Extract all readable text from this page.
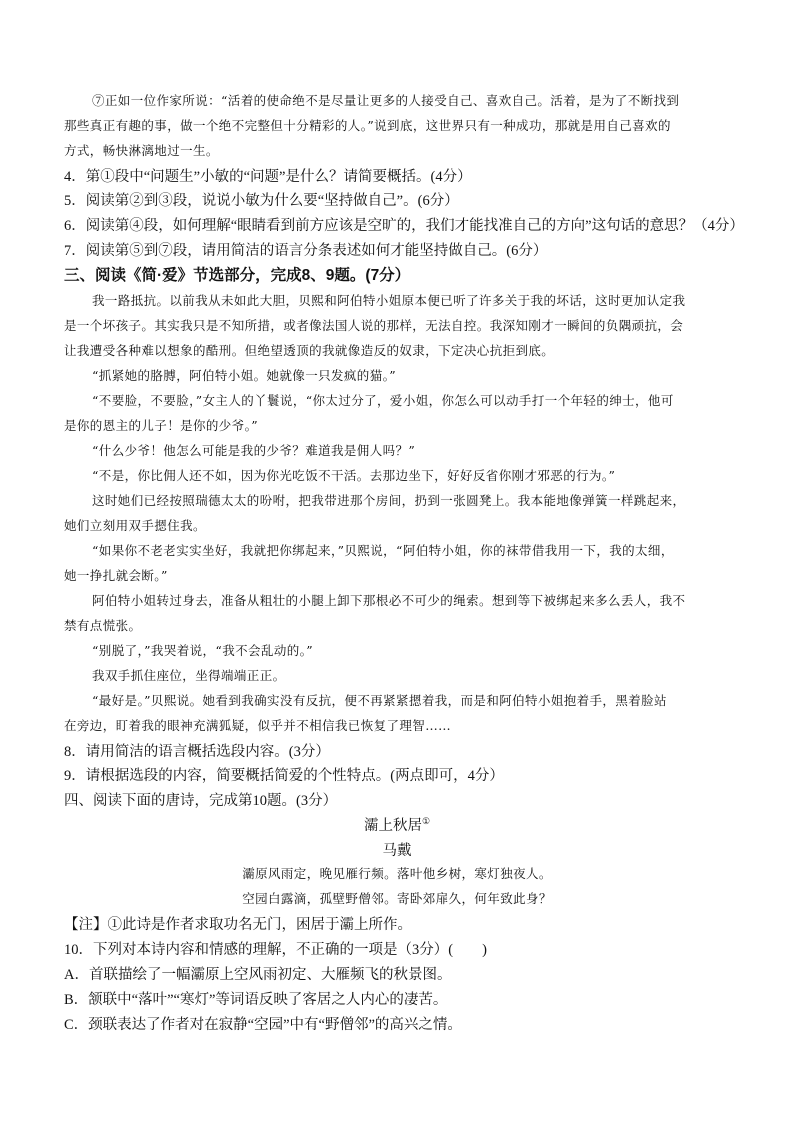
⑦正如一位作家所说：“活着的使命绝不是尽量让更多的人接受自己、喜欢自己。活着，是为了不断找到
那些真正有趣的事，做一个绝不完整但十分精彩的人。”说到底，这世界只有一种成功，那就是用自己喜欢的
方式，畅快淋漓地过一生。
4．第①段中“问题生”小敏的“问题”是什么？请简要概括。(4分）
5．阅读第②到③段，说说小敏为什么要“坚持做自己”。(6分）
6．阅读第④段，如何理解“眼睛看到前方应该是空旷的，我们才能找准自己的方向”这句话的意思？（4分）
7．阅读第⑤到⑦段，请用简洁的语言分条表述如何才能坚持做自己。(6分）
三、阅读《简·爱》节选部分，完成8、9题。(7分）
我一路抵抗。以前我从未如此大胆，贝熙和阿伯特小姐原本便已听了许多关于我的坏话，这时更加认定我
是一个坏孩子。其实我只是不知所措，或者像法国人说的那样，无法自控。我深知刚才一瞬间的负隅顽抗，会
让我遭受各种难以想象的酷刑。但绝望透顶的我就像造反的奴隶，下定决心抗拒到底。
“抓紧她的胳膊，阿伯特小姐。她就像一只发疯的猫。”
“不要脸，不要脸，”女主人的丫鬟说，“你太过分了，爱小姐，你怎么可以动手打一个年轻的绅士，他可
是你的恩主的儿子！是你的少爷。”
“什么少爷！他怎么可能是我的少爷？难道我是佣人吗？”
“不是，你比佣人还不如，因为你光吃饭不干活。去那边坐下，好好反省你刚才邪恶的行为。”
这时她们已经按照瑞德太太的吩咐，把我带进那个房间，扔到一张圆凳上。我本能地像弹簧一样跳起来，
她们立刻用双手摁住我。
“如果你不老老实实坐好，我就把你绑起来，”贝熙说，“阿伯特小姐，你的袜带借我用一下，我的太细，
她一挣扎就会断。”
阿伯特小姐转过身去，准备从粗壮的小腿上卸下那根必不可少的绳索。想到等下被绑起来多么丢人，我不
禁有点慌张。
“别脱了，”我哭着说，“我不会乱动的。”
我双手抓住座位，坐得端端正正。
“最好是。”贝熙说。她看到我确实没有反抗，便不再紧紧摁着我，而是和阿伯特小姐抱着手，黑着脸站
在旁边，盯着我的眼神充满狐疑，似乎并不相信我已恢复了理智……
8．请用简洁的语言概括选段内容。(3分）
9．请根据选段的内容，简要概括简爱的个性特点。(两点即可，4分）
四、阅读下面的唐诗，完成第10题。(3分）
灞上秋居①
马戴
灞原风雨定，晚见雁行频。落叶他乡树，寒灯独夜人。
空园白露滴，孤壁野僧邻。寄卧郊扉久，何年致此身？
【注】①此诗是作者求取功名无门，困居于灞上所作。
10．下列对本诗内容和情感的理解，不正确的一项是（3分）(　　)
A．首联描绘了一幅灞原上空风雨初定、大雁频飞的秋景图。
B．颔联中“落叶”“寒灯”等词语反映了客居之人内心的凄苦。
C．颈联表达了作者对在寂静“空园”中有“野僧邻”的高兴之情。
